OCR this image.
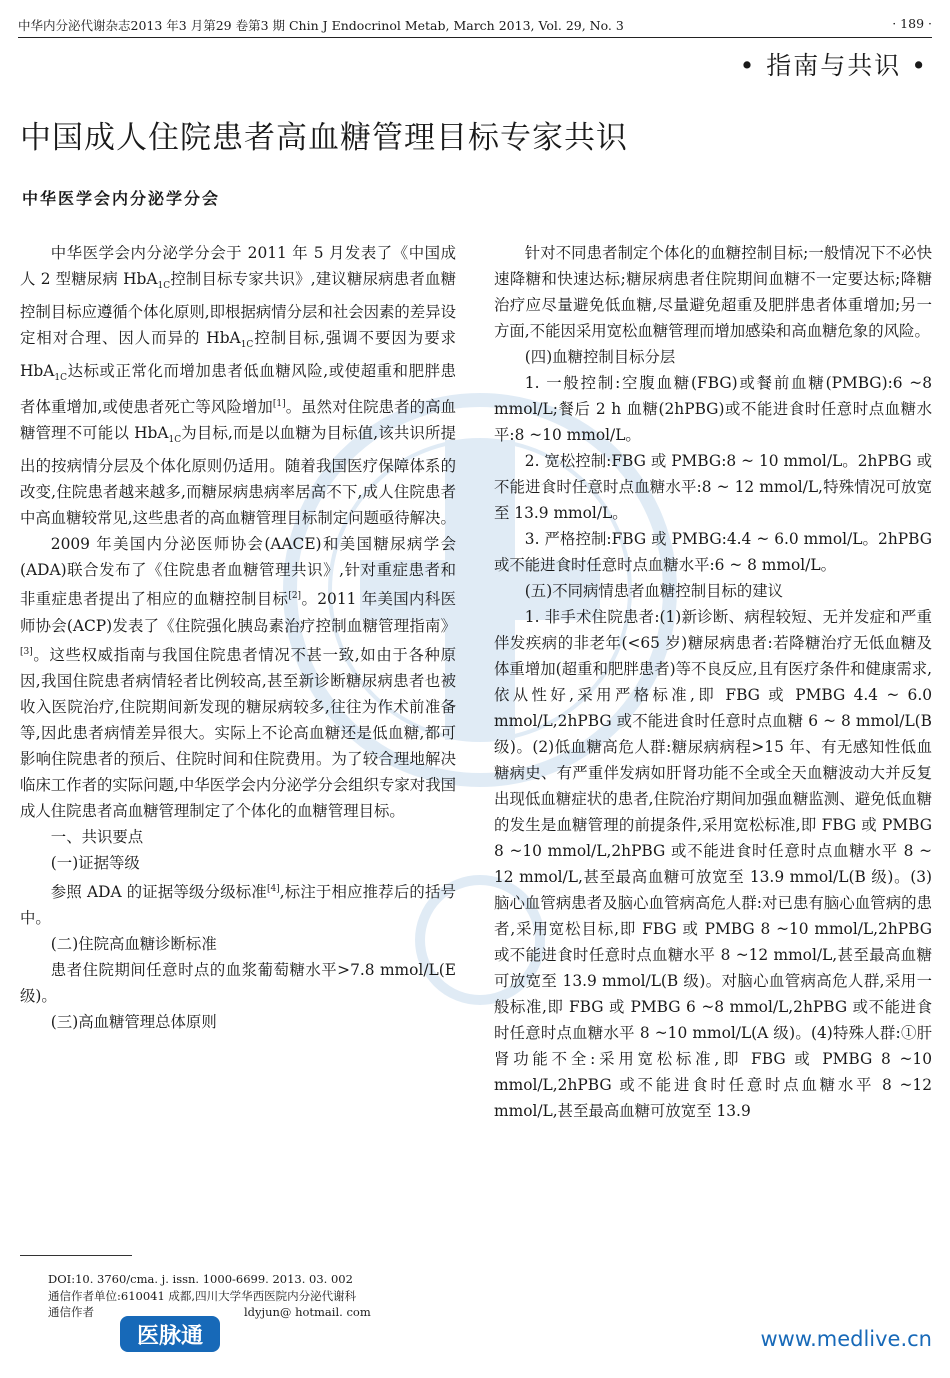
中华内分泌代谢杂志2013 年3 月第29 卷第3 期 Chin J Endocrinol Metab, March 2013, Vol. 29, No. 3	· 189 ·
• 指南与共识 •
中国成人住院患者高血糖管理目标专家共识
中华医学会内分泌学分会

中华医学会内分泌学分会于 2011 年 5 月发表了《中国成人 2 型糖尿病 HbA$_{1C}$控制目标专家共识》,建议糖尿病患者血糖控制目标应遵循个体化原则,即根据病情分层和社会因素的差异设定相对合理、因人而异的 HbA$_{1C}$控制目标,强调不要因为要求 HbA$_{1C}$达标或正常化而增加患者低血糖风险,或使超重和肥胖患者体重增加,或使患者死亡等风险增加[1]。虽然对住院患者的高血糖管理不可能以 HbA$_{1C}$为目标,而是以血糖为目标值,该共识所提出的按病情分层及个体化原则仍适用。随着我国医疗保障体系的改变,住院患者越来越多,而糖尿病患病率居高不下,成人住院患者中高血糖较常见,这些患者的高血糖管理目标制定问题亟待解决。

2009 年美国内分泌医师协会(AACE)和美国糖尿病学会(ADA)联合发布了《住院患者血糖管理共识》,针对重症患者和非重症患者提出了相应的血糖控制目标[2]。2011 年美国内科医师协会(ACP)发表了《住院强化胰岛素治疗控制血糖管理指南》[3]。这些权威指南与我国住院患者情况不甚一致,如由于各种原因,我国住院患者病情轻者比例较高,甚至新诊断糖尿病患者也被收入医院治疗,住院期间新发现的糖尿病较多,往往为作术前准备等,因此患者病情差异很大。实际上不论高血糖还是低血糖,都可影响住院患者的预后、住院时间和住院费用。为了较合理地解决临床工作者的实际问题,中华医学会内分泌学分会组织专家对我国成人住院患者高血糖管理制定了个体化的血糖管理目标。

一、共识要点

(一)证据等级

参照 ADA 的证据等级分级标准[4],标注于相应推荐后的括号中。

(二)住院高血糖诊断标准

患者住院期间任意时点的血浆葡萄糖水平>7.8 mmol/L(E 级)。

(三)高血糖管理总体原则

针对不同患者制定个体化的血糖控制目标;一般情况下不必快速降糖和快速达标;糖尿病患者住院期间血糖不一定要达标;降糖治疗应尽量避免低血糖,尽量避免超重及肥胖患者体重增加;另一方面,不能因采用宽松血糖管理而增加感染和高血糖危象的风险。

(四)血糖控制目标分层

1. 一般控制:空腹血糖(FBG)或餐前血糖(PMBG):6 ~8 mmol/L;餐后 2 h 血糖(2hPBG)或不能进食时任意时点血糖水平:8 ~10 mmol/L。

2. 宽松控制:FBG 或 PMBG:8 ~ 10 mmol/L。2hPBG 或不能进食时任意时点血糖水平:8 ~ 12 mmol/L,特殊情况可放宽至 13.9 mmol/L。

3. 严格控制:FBG 或 PMBG:4.4 ~ 6.0 mmol/L。2hPBG 或不能进食时任意时点血糖水平:6 ~ 8 mmol/L。

(五)不同病情患者血糖控制目标的建议

1. 非手术住院患者:(1)新诊断、病程较短、无并发症和严重伴发疾病的非老年(<65 岁)糖尿病患者:若降糖治疗无低血糖及体重增加(超重和肥胖患者)等不良反应,且有医疗条件和健康需求,依从性好,采用严格标准,即 FBG 或 PMBG 4.4 ~ 6.0 mmol/L,2hPBG 或不能进食时任意时点血糖 6 ~ 8 mmol/L(B 级)。(2)低血糖高危人群:糖尿病病程>15 年、有无感知性低血糖病史、有严重伴发病如肝肾功能不全或全天血糖波动大并反复出现低血糖症状的患者,住院治疗期间加强血糖监测、避免低血糖的发生是血糖管理的前提条件,采用宽松标准,即 FBG 或 PMBG 8 ~10 mmol/L,2hPBG 或不能进食时任意时点血糖水平 8 ~ 12 mmol/L,甚至最高血糖可放宽至 13.9 mmol/L(B 级)。(3)脑心血管病患者及脑心血管病高危人群:对已患有脑心血管病的患者,采用宽松目标,即 FBG 或 PMBG 8 ~10 mmol/L,2hPBG 或不能进食时任意时点血糖水平 8 ~12 mmol/L,甚至最高血糖可放宽至 13.9 mmol/L(B 级)。对脑心血管病高危人群,采用一般标准,即 FBG 或 PMBG 6 ~8 mmol/L,2hPBG 或不能进食时任意时点血糖水平 8 ~10 mmol/L(A 级)。(4)特殊人群:①肝肾功能不全:采用宽松标准,即 FBG 或 PMBG 8 ~10 mmol/L,2hPBG 或不能进食时任意时点血糖水平 8 ~12 mmol/L,甚至最高血糖可放宽至 13.9

DOI:10. 3760/cma. j. issn. 1000-6699. 2013. 03. 002
通信作者单位:610041 成都,四川大学华西医院内分泌代谢科
通信作者	ldyjun@ hotmail. com
医脉通	www.medlive.cn
